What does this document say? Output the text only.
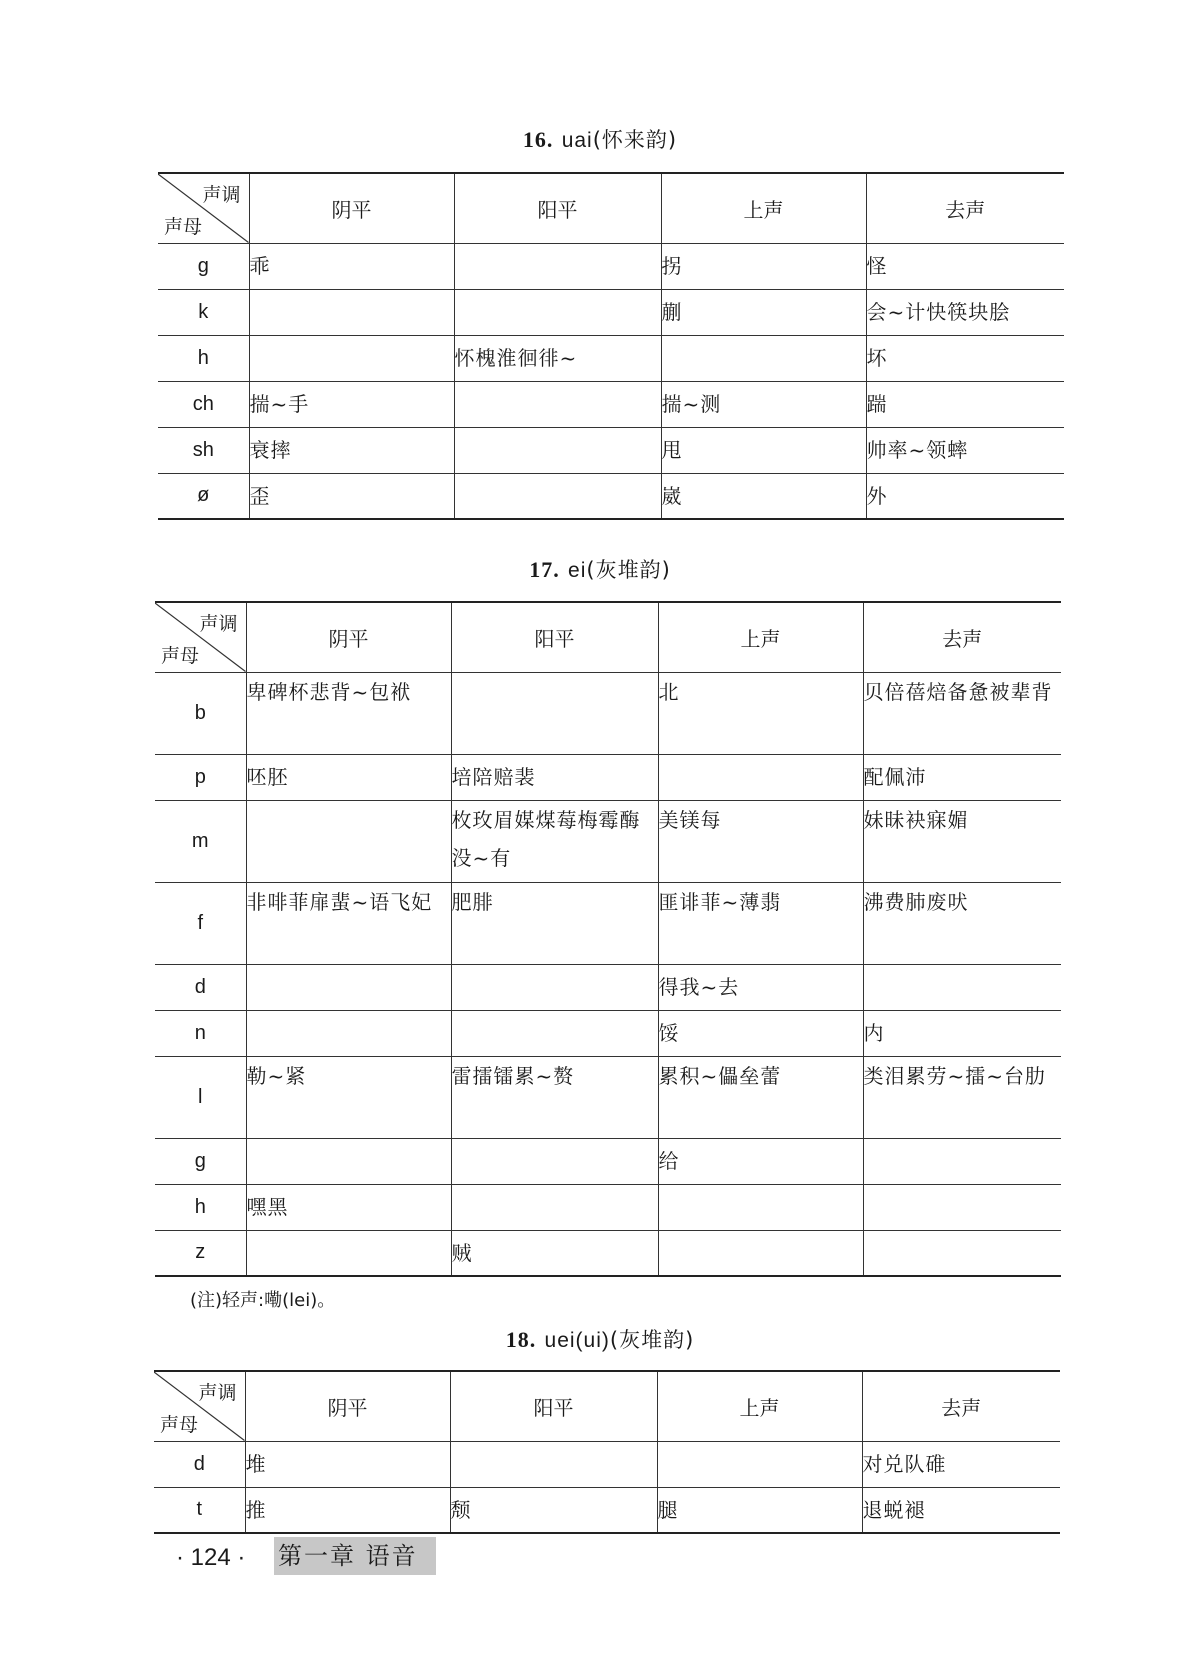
16. uai(怀来韵)
声调
声母	阴平	阳平	上声	去声
g	乖		拐	怪
k			蒯	会~计快筷块脍
h		怀槐淮徊徘~		坏
ch	揣~手		揣~测	踹
sh	衰摔		甩	帅率~领蟀
ø	歪		崴	外
17. ei(灰堆韵)
声调
声母	阴平	阳平	上声	去声
b	卑碑杯悲背~包袱		北	贝倍蓓焙备惫被辈背
p	呸胚	培陪赔裴		配佩沛
m		枚玫眉媒煤莓梅霉酶没~有	美镁每	妹昧袂寐媚
f	非啡菲扉蜚~语飞妃	肥腓	匪诽菲~薄翡	沸费肺废吠
d			得我~去	
n			馁	内
l	勒~紧	雷擂镭累~赘	累积~儡垒蕾	类泪累劳~擂~台肋
g			给	
h	嘿黑			
z		贼		
(注)轻声:嘞(lei)。
18. uei(ui)(灰堆韵)
声调
声母	阴平	阳平	上声	去声
d	堆			对兑队碓
t	推	颓	腿	退蜕褪
· 124 · 第一章 语音
